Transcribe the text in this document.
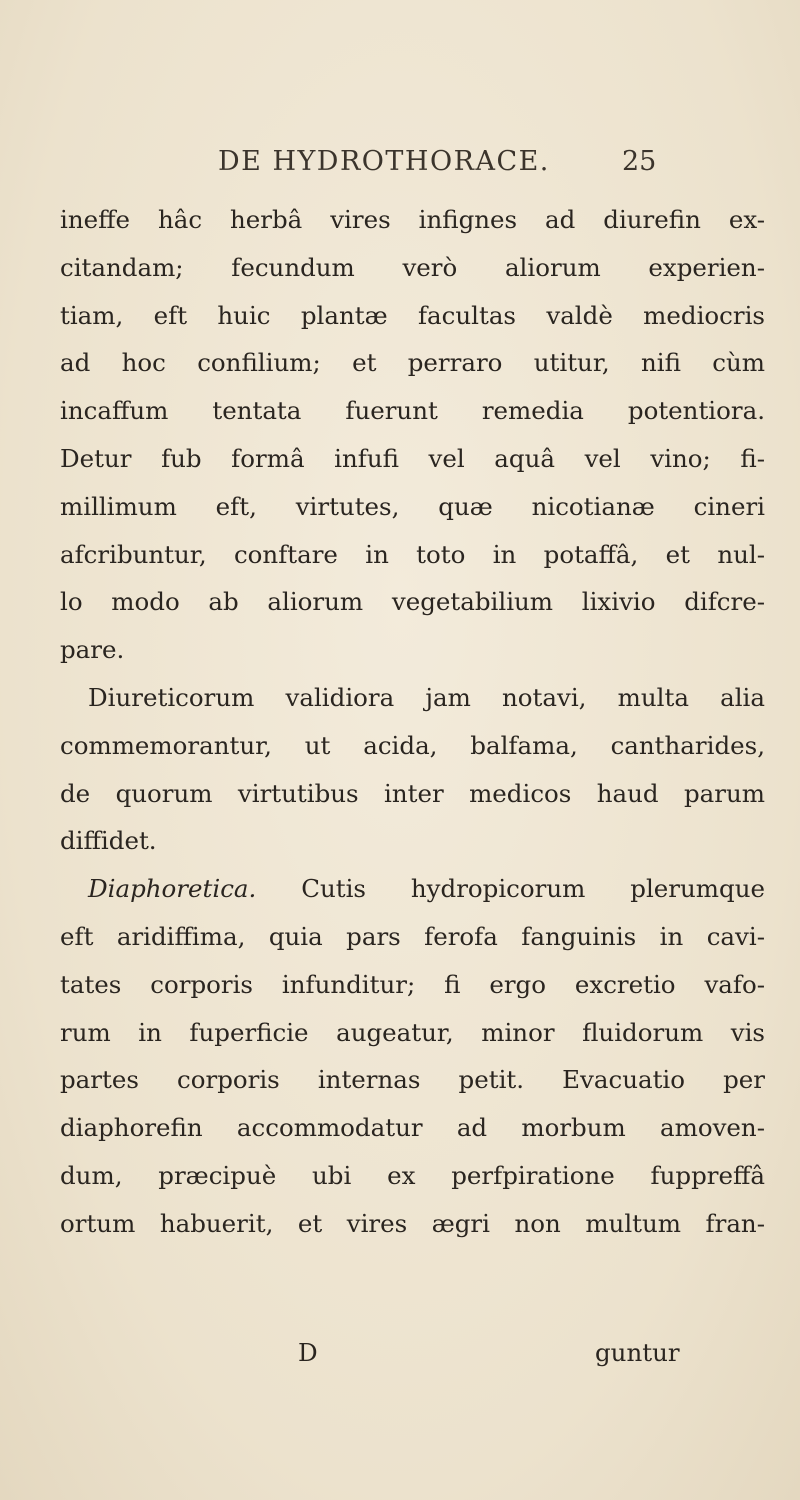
DE HYDROTHORACE.	25
ineffe hâc herbâ vires infignes ad diurefin ex-
citandam; fecundum verò aliorum experien-
tiam, eft huic plantæ facultas valdè mediocris
ad hoc confilium; et perraro utitur, nifi cùm
incaffum tentata fuerunt remedia potentiora.
Detur fub formâ infufi vel aquâ vel vino; fi-
millimum eft, virtutes, quæ nicotianæ cineri
afcribuntur, conftare in toto in potaffâ, et nul-
lo modo ab aliorum vegetabilium lixivio difcre-
pare.
Diureticorum validiora jam notavi, multa alia
commemorantur, ut acida, balfama, cantharides,
de quorum virtutibus inter medicos haud parum
diffidet.
Diaphoretica. Cutis hydropicorum plerumque
eft aridiffima, quia pars ferofa fanguinis in cavi-
tates corporis infunditur; fi ergo excretio vafo-
rum in fuperficie augeatur, minor fluidorum vis
partes corporis internas petit. Evacuatio per
diaphorefin accommodatur ad morbum amoven-
dum, præcipuè ubi ex perfpiratione fuppreffâ
ortum habuerit, et vires ægri non multum fran-
D	guntur
